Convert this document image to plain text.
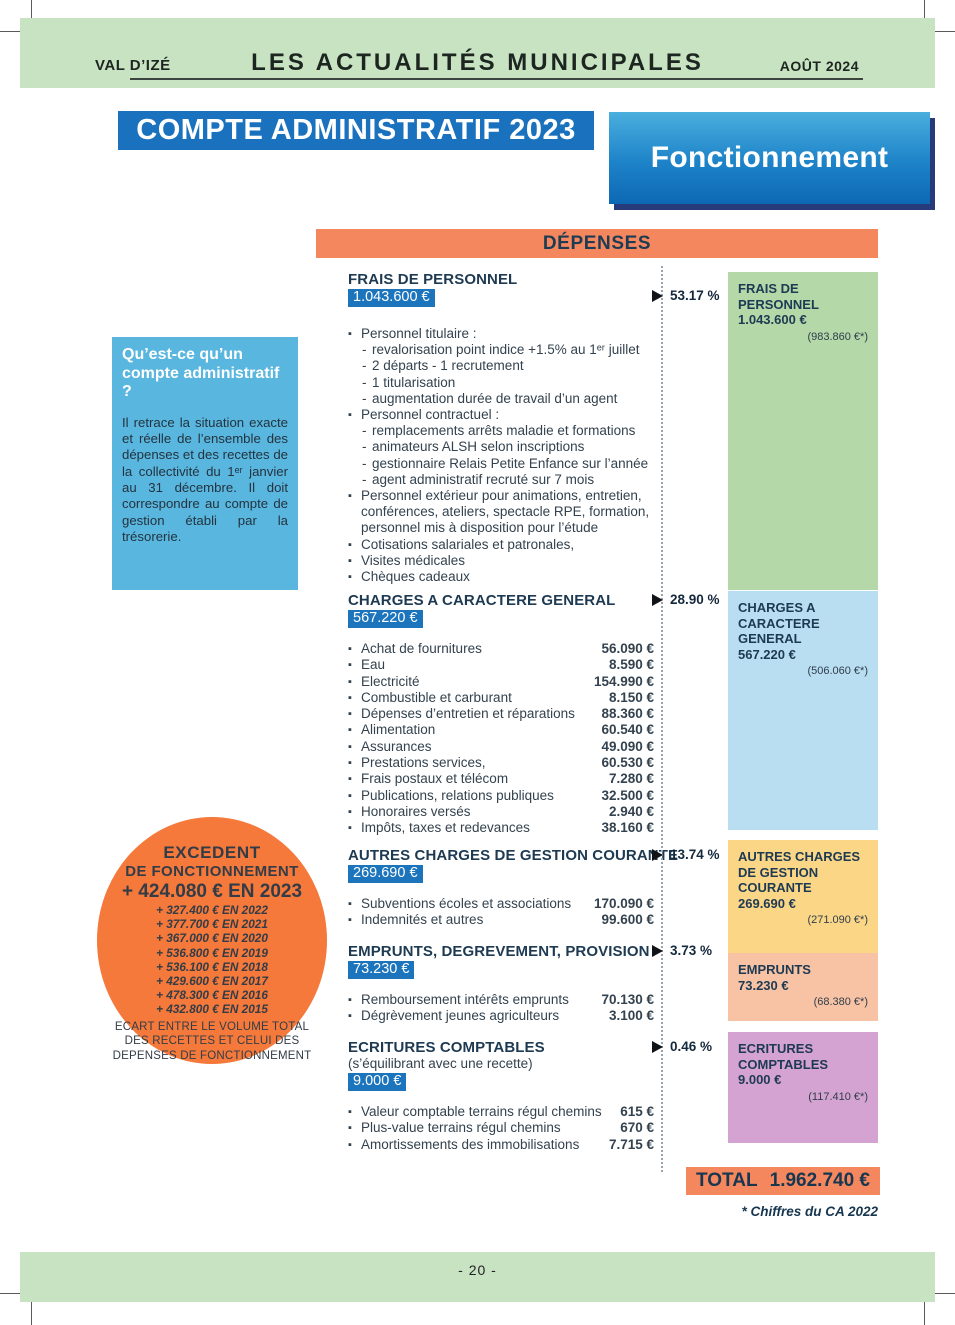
VAL D’IZÉ	LES ACTUALITÉS MUNICIPALES	AOÛT 2024
COMPTE ADMINISTRATIF 2023
Fonctionnement
DÉPENSES
Qu’est-ce qu’un compte administratif ?
Il retrace la situation exacte et réelle de l’ensemble des dépenses et des recettes de la collectivité du 1ᵉʳ janvier au 31 décembre. Il doit correspondre au compte de gestion établi par la trésorerie.
EXCEDENT
DE FONCTIONNEMENT
+ 424.080 € EN 2023
+ 327.400 € EN 2022
+ 377.700 € EN 2021
+ 367.000 € EN 2020
+ 536.800 € EN 2019
+ 536.100 € EN 2018
+ 429.600 € EN 2017
+ 478.300 € EN 2016
+ 432.800 € EN 2015
ECART ENTRE LE VOLUME TOTAL DES RECETTES ET CELUI DES DEPENSES DE FONCTIONNEMENT
FRAIS DE PERSONNEL
1.043.600 €
▪ Personnel titulaire :
- revalorisation point indice +1.5% au 1ᵉʳ juillet
- 2 départs - 1 recrutement
- 1 titularisation
- augmentation durée de travail d’un agent
▪ Personnel contractuel :
- remplacements arrêts maladie et formations
- animateurs ALSH selon inscriptions
- gestionnaire Relais Petite Enfance sur l’année
- agent administratif recruté sur 7 mois
▪ Personnel extérieur pour animations, entretien, conférences, ateliers, spectacle RPE, formation, personnel mis à disposition pour l’étude
▪ Cotisations salariales et patronales,
▪ Visites médicales
▪ Chèques cadeaux
CHARGES A CARACTERE GENERAL
567.220 €
▪ Achat de fournitures	56.090 €
▪ Eau	8.590 €
▪ Electricité	154.990 €
▪ Combustible et carburant	8.150 €
▪ Dépenses d’entretien et réparations	88.360 €
▪ Alimentation	60.540 €
▪ Assurances	49.090 €
▪ Prestations services,	60.530 €
▪ Frais postaux et télécom	7.280 €
▪ Publications, relations publiques	32.500 €
▪ Honoraires versés	2.940 €
▪ Impôts, taxes et redevances	38.160 €
AUTRES CHARGES DE GESTION COURANTE
269.690 €
▪ Subventions écoles et associations	170.090 €
▪ Indemnités et autres	99.600 €
EMPRUNTS, DEGREVEMENT, PROVISION
73.230 €
▪ Remboursement intérêts emprunts	70.130 €
▪ Dégrèvement jeunes agriculteurs	3.100 €
ECRITURES COMPTABLES
(s’équilibrant avec une recette)
9.000 €
▪ Valeur comptable terrains régul chemins	615 €
▪ Plus-value terrains régul chemins	670 €
▪ Amortissements des immobilisations	7.715 €
53.17 %
28.90 %
13.74 %
3.73 %
0.46 %
FRAIS DE PERSONNEL
1.043.600 €
(983.860 €*)
CHARGES A CARACTERE GENERAL
567.220 €
(506.060 €*)
AUTRES CHARGES DE GESTION COURANTE
269.690 €
(271.090 €*)
EMPRUNTS
73.230 €
(68.380 €*)
ECRITURES COMPTABLES
9.000 €
(117.410 €*)
TOTAL 1.962.740 €
* Chiffres du CA 2022
- 20 -
